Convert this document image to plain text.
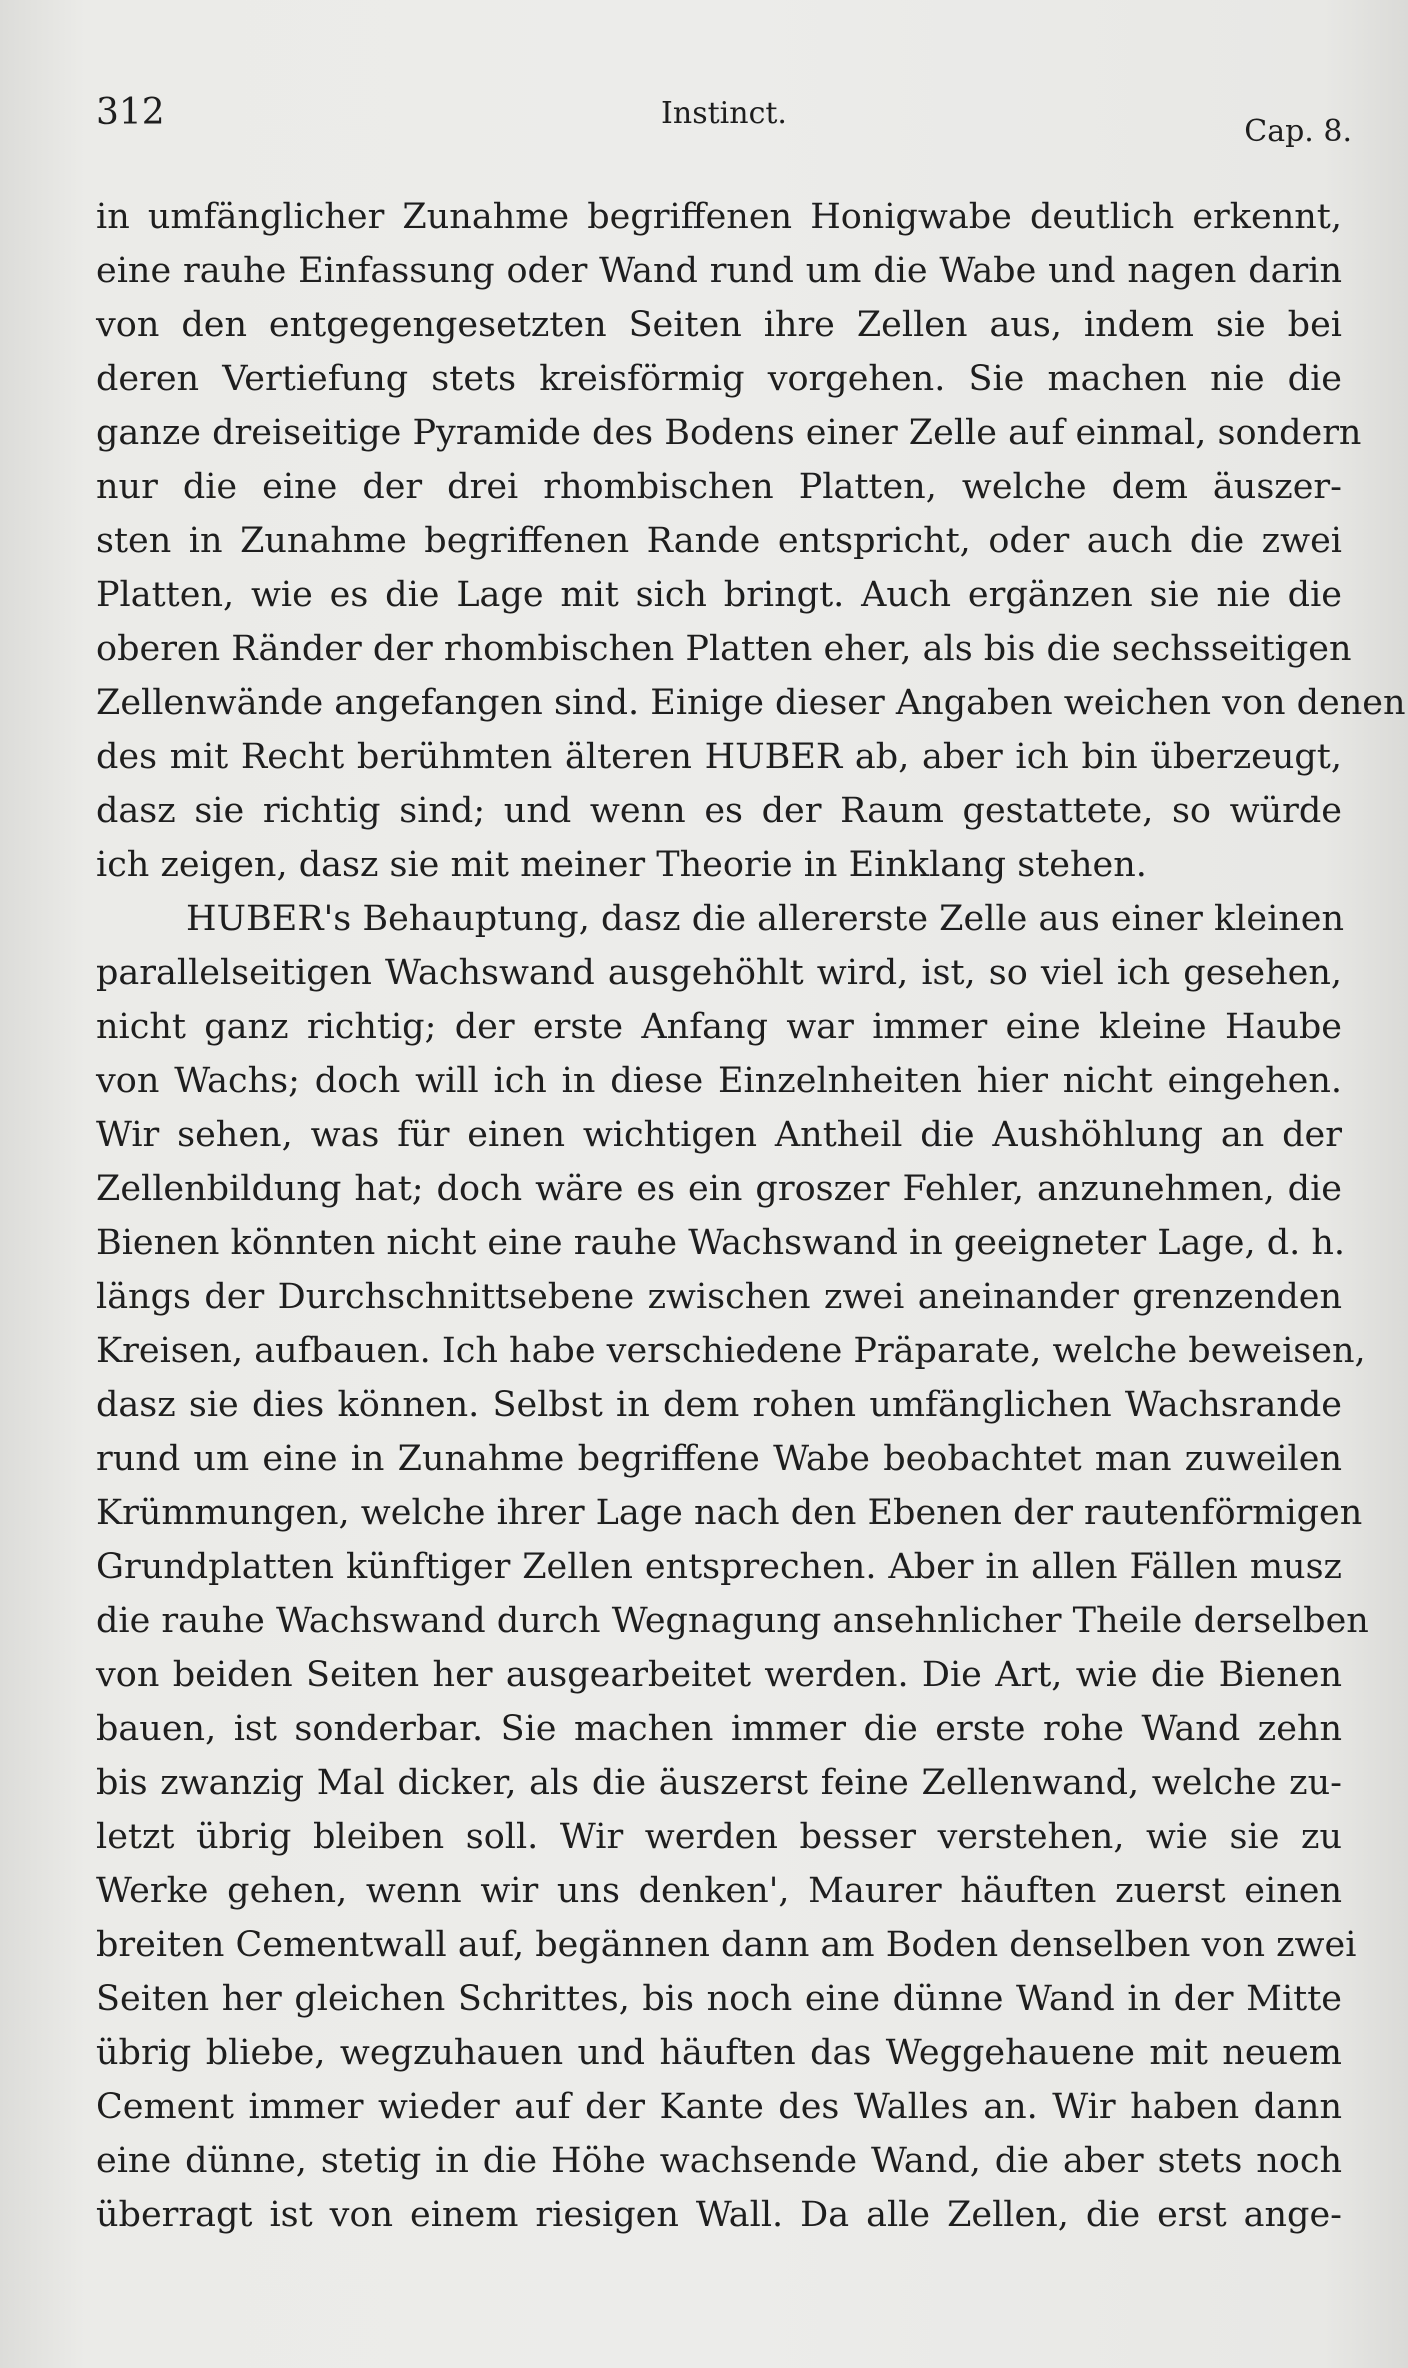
312	Instinct.
Cap. 8.
in umfänglicher Zunahme begriffenen Honigwabe deutlich erkennt,
eine rauhe Einfassung oder Wand rund um die Wabe und nagen darin
von den entgegengesetzten Seiten ihre Zellen aus, indem sie bei
deren Vertiefung stets kreisförmig vorgehen. Sie machen nie die
ganze dreiseitige Pyramide des Bodens einer Zelle auf einmal, sondern
nur die eine der drei rhombischen Platten, welche dem äuszer-
sten in Zunahme begriffenen Rande entspricht, oder auch die zwei
Platten, wie es die Lage mit sich bringt. Auch ergänzen sie nie die
oberen Ränder der rhombischen Platten eher, als bis die sechsseitigen
Zellenwände angefangen sind. Einige dieser Angaben weichen von denen
des mit Recht berühmten älteren HUBER ab, aber ich bin überzeugt,
dasz sie richtig sind; und wenn es der Raum gestattete, so würde
ich zeigen, dasz sie mit meiner Theorie in Einklang stehen.
HUBER's Behauptung, dasz die allererste Zelle aus einer kleinen
parallelseitigen Wachswand ausgehöhlt wird, ist, so viel ich gesehen,
nicht ganz richtig; der erste Anfang war immer eine kleine Haube
von Wachs; doch will ich in diese Einzelnheiten hier nicht eingehen.
Wir sehen, was für einen wichtigen Antheil die Aushöhlung an der
Zellenbildung hat; doch wäre es ein groszer Fehler, anzunehmen, die
Bienen könnten nicht eine rauhe Wachswand in geeigneter Lage, d. h.
längs der Durchschnittsebene zwischen zwei aneinander grenzenden
Kreisen, aufbauen. Ich habe verschiedene Präparate, welche beweisen,
dasz sie dies können. Selbst in dem rohen umfänglichen Wachsrande
rund um eine in Zunahme begriffene Wabe beobachtet man zuweilen
Krümmungen, welche ihrer Lage nach den Ebenen der rautenförmigen
Grundplatten künftiger Zellen entsprechen. Aber in allen Fällen musz
die rauhe Wachswand durch Wegnagung ansehnlicher Theile derselben
von beiden Seiten her ausgearbeitet werden. Die Art, wie die Bienen
bauen, ist sonderbar. Sie machen immer die erste rohe Wand zehn
bis zwanzig Mal dicker, als die äuszerst feine Zellenwand, welche zu-
letzt übrig bleiben soll. Wir werden besser verstehen, wie sie zu
Werke gehen, wenn wir uns denken', Maurer häuften zuerst einen
breiten Cementwall auf, begännen dann am Boden denselben von zwei
Seiten her gleichen Schrittes, bis noch eine dünne Wand in der Mitte
übrig bliebe, wegzuhauen und häuften das Weggehauene mit neuem
Cement immer wieder auf der Kante des Walles an. Wir haben dann
eine dünne, stetig in die Höhe wachsende Wand, die aber stets noch
überragt ist von einem riesigen Wall. Da alle Zellen, die erst ange-
